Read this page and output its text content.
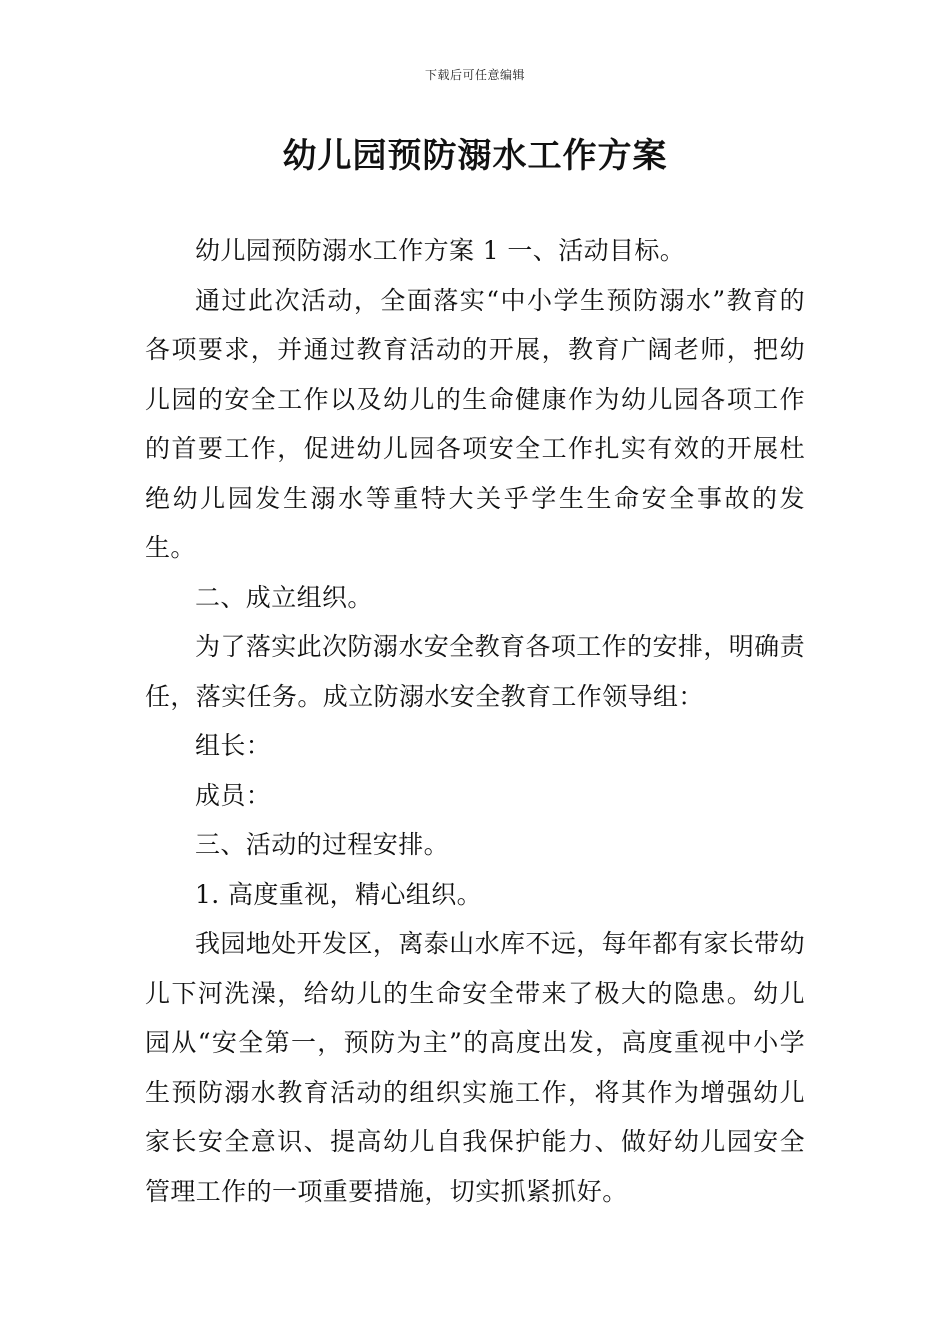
下载后可任意编辑
幼儿园预防溺水工作方案

幼儿园预防溺水工作方案 1 一、活动目标。

通过此次活动，全面落实“中小学生预防溺水”教育的各项要求，并通过教育活动的开展，教育广阔老师，把幼儿园的安全工作以及幼儿的生命健康作为幼儿园各项工作的首要工作，促进幼儿园各项安全工作扎实有效的开展杜绝幼儿园发生溺水等重特大关乎学生生命安全事故的发生。

二、成立组织。

为了落实此次防溺水安全教育各项工作的安排，明确责任，落实任务。成立防溺水安全教育工作领导组：

组长：

成员：

三、活动的过程安排。

1. 高度重视，精心组织。

我园地处开发区，离泰山水库不远，每年都有家长带幼儿下河洗澡，给幼儿的生命安全带来了极大的隐患。幼儿园从“安全第一，预防为主”的高度出发，高度重视中小学生预防溺水教育活动的组织实施工作，将其作为增强幼儿家长安全意识、提高幼儿自我保护能力、做好幼儿园安全管理工作的一项重要措施，切实抓紧抓好。
